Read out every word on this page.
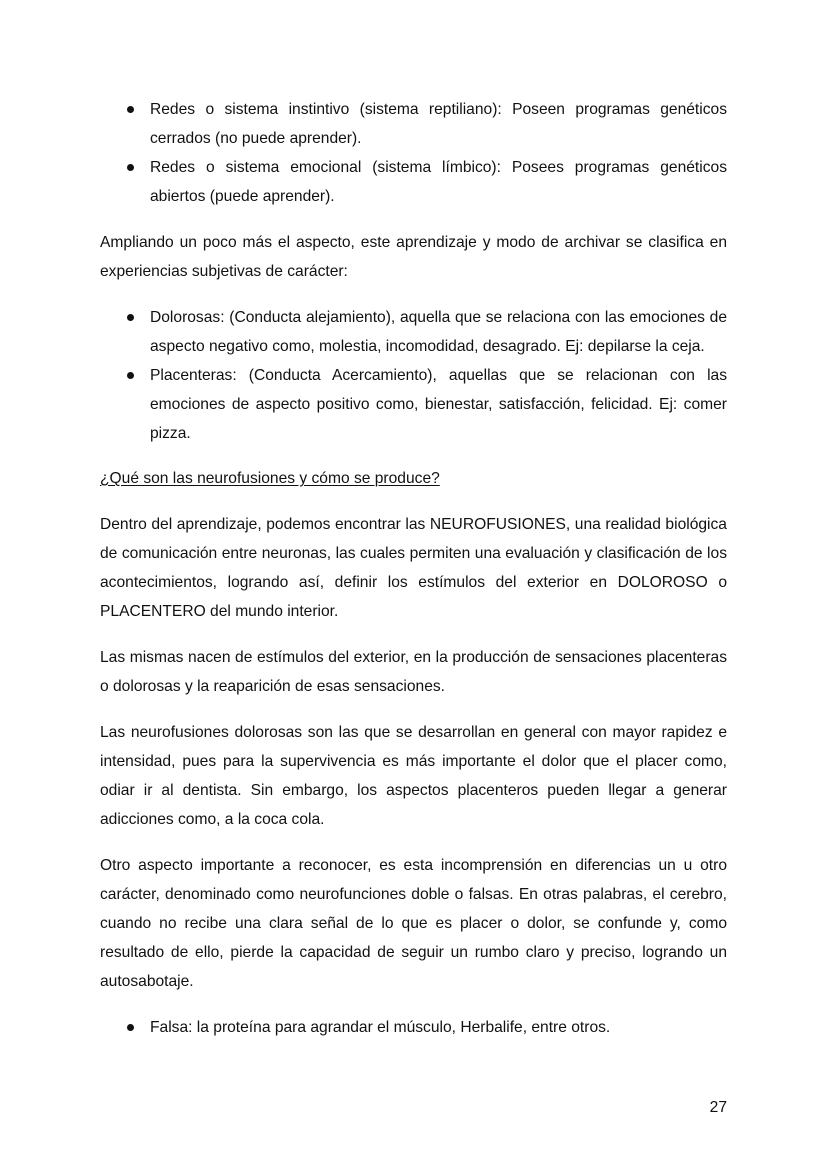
Redes o sistema instintivo (sistema reptiliano): Poseen programas genéticos cerrados (no puede aprender).
Redes o sistema emocional (sistema límbico): Posees programas genéticos abiertos (puede aprender).

Ampliando un poco más el aspecto, este aprendizaje y modo de archivar se clasifica en experiencias subjetivas de carácter:

Dolorosas: (Conducta alejamiento), aquella que se relaciona con las emociones de aspecto negativo como, molestia, incomodidad, desagrado. Ej: depilarse la ceja.
Placenteras: (Conducta Acercamiento), aquellas que se relacionan con las emociones de aspecto positivo como, bienestar, satisfacción, felicidad. Ej: comer pizza.

¿Qué son las neurofusiones y cómo se produce?

Dentro del aprendizaje, podemos encontrar las NEUROFUSIONES, una realidad biológica de comunicación entre neuronas, las cuales permiten una evaluación y clasificación de los acontecimientos, logrando así, definir los estímulos del exterior en DOLOROSO o PLACENTERO del mundo interior.

Las mismas nacen de estímulos del exterior, en la producción de sensaciones placenteras o dolorosas y la reaparición de esas sensaciones.

Las neurofusiones dolorosas son las que se desarrollan en general con mayor rapidez e intensidad, pues para la supervivencia es más importante el dolor que el placer como, odiar ir al dentista. Sin embargo, los aspectos placenteros pueden llegar a generar adicciones como, a la coca cola.

Otro aspecto importante a reconocer, es esta incomprensión en diferencias un u otro carácter, denominado como neurofunciones doble o falsas. En otras palabras, el cerebro, cuando no recibe una clara señal de lo que es placer o dolor, se confunde y, como resultado de ello, pierde la capacidad de seguir un rumbo claro y preciso, logrando un autosabotaje.

Falsa: la proteína para agrandar el músculo, Herbalife, entre otros.
27
